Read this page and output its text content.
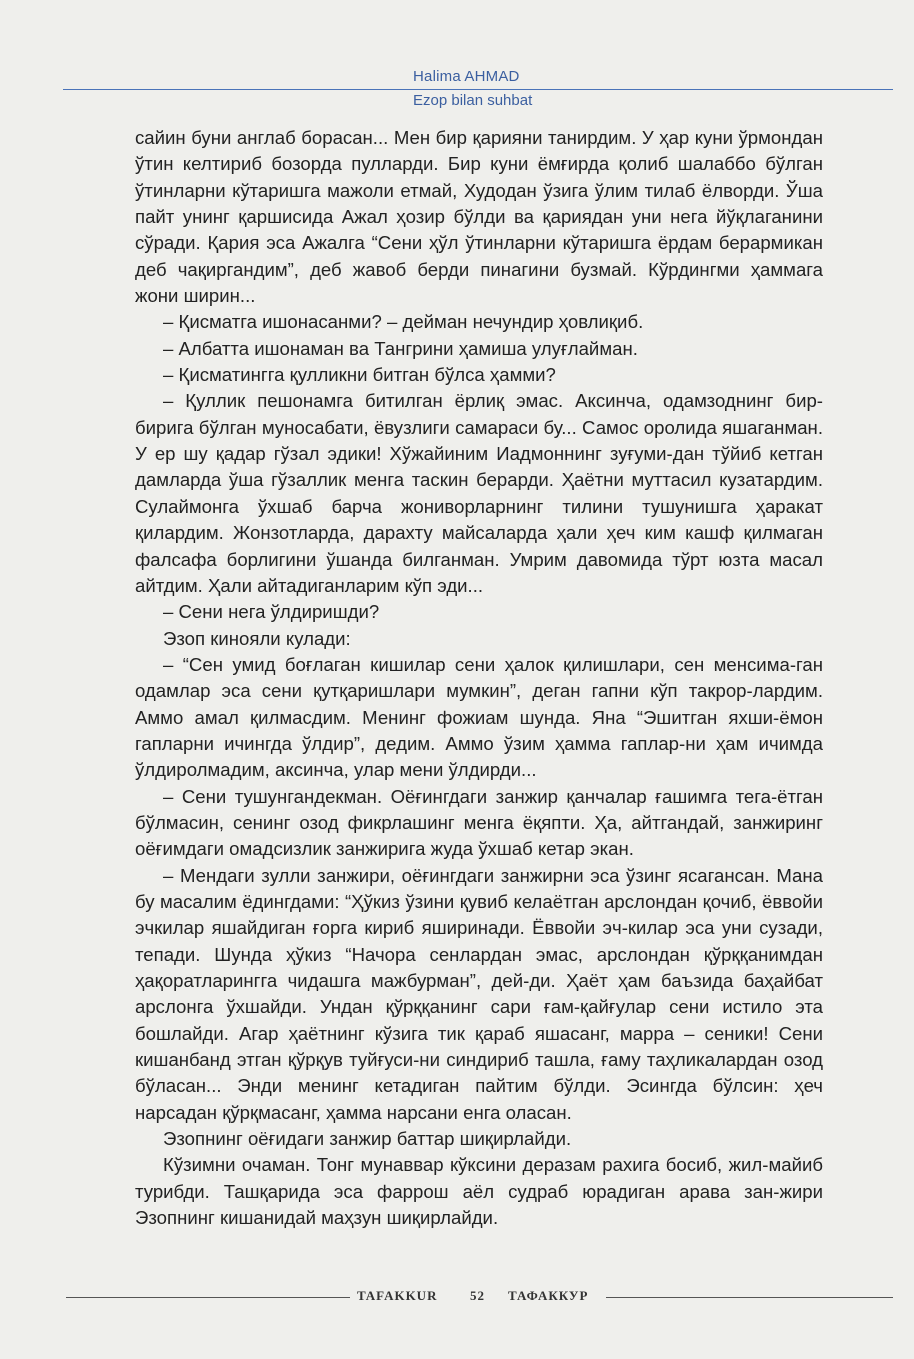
Halima AHMAD
Ezop bilan suhbat

сайин буни англаб борасан... Мен бир қарияни танирдим. У ҳар куни ўрмондан ўтин келтириб бозорда пулларди. Бир куни ёмғирда қолиб шалаббо бўлган ўтинларни кўтаришга мажоли етмай, Худодан ўзига ўлим тилаб ёлворди. Ўша пайт унинг қаршисида Ажал ҳозир бўлди ва қариядан уни нега йўқлаганини сўради. Қария эса Ажалга “Сени ҳўл ўтинларни кўтаришга ёрдам берармикан деб чақиргандим”, деб жавоб берди пинагини бузмай. Кўрдингми ҳаммага жони ширин...

– Қисматга ишонасанми? – дейман нечундир ҳовлиқиб.

– Албатта ишонаман ва Тангрини ҳамиша улуғлайман.

– Қисматингга қулликни битган бўлса ҳамми?

– Қуллик пешонамга битилган ёрлиқ эмас. Аксинча, одамзоднинг бир-бирига бўлган муносабати, ёвузлиги самараси бу... Самос оролида яшаганман. У ер шу қадар гўзал эдики! Хўжайиним Иадмоннинг зуғуми-дан тўйиб кетган дамларда ўша гўзаллик менга таскин берарди. Ҳаётни муттасил кузатардим. Сулаймонга ўхшаб барча жониворларнинг тилини тушунишга ҳаракат қилардим. Жонзотларда, дарахту майсаларда ҳали ҳеч ким кашф қилмаган фалсафа борлигини ўшанда билганман. Умрим давомида тўрт юзта масал айтдим. Ҳали айтадиганларим кўп эди...

– Сени нега ўлдиришди?

Эзоп кинояли кулади:

– “Сен умид боғлаган кишилар сени ҳалок қилишлари, сен менсима-ган одамлар эса сени қутқаришлари мумкин”, деган гапни кўп такрор-лардим. Аммо амал қилмасдим. Менинг фожиам шунда. Яна “Эшитган яхши-ёмон гапларни ичингда ўлдир”, дедим. Аммо ўзим ҳамма гаплар-ни ҳам ичимда ўлдиролмадим, аксинча, улар мени ўлдирди...

– Сени тушунгандекман. Оёғингдаги занжир қанчалар ғашимга тега-ётган бўлмасин, сенинг озод фикрлашинг менга ёқяпти. Ҳа, айтгандай, занжиринг оёғимдаги омадсизлик занжирига жуда ўхшаб кетар экан.

– Мендаги зулли занжири, оёғингдаги занжирни эса ўзинг ясагансан. Мана бу масалим ёдингдами: “Ҳўкиз ўзини қувиб келаётган арслондан қочиб, ёввойи эчкилар яшайдиган ғорга кириб яширинади. Ёввойи эч-килар эса уни сузади, тепади. Шунда ҳўкиз “Начора сенлардан эмас, арслондан қўрққанимдан ҳақоратларингга чидашга мажбурман”, дей-ди. Ҳаёт ҳам баъзида баҳайбат арслонга ўхшайди. Ундан қўрққанинг сари ғам-қайғулар сени истило эта бошлайди. Агар ҳаётнинг кўзига тик қараб яшасанг, марра – сеники! Сени кишанбанд этган қўрқув туйғуси-ни синдириб ташла, ғаму таҳликалардан озод бўласан... Энди менинг кетадиган пайтим бўлди. Эсингда бўлсин: ҳеч нарсадан қўрқмасанг, ҳамма нарсани енга оласан.

Эзопнинг оёғидаги занжир баттар шиқирлайди.

Кўзимни очаман. Тонг мунаввар кўксини деразам рахига босиб, жил-майиб турибди. Ташқарида эса фаррош аёл судраб юрадиган арава зан-жири Эзопнинг кишанидай маҳзун шиқирлайди.

TAFAKKUR	52 ТАФАККУР
